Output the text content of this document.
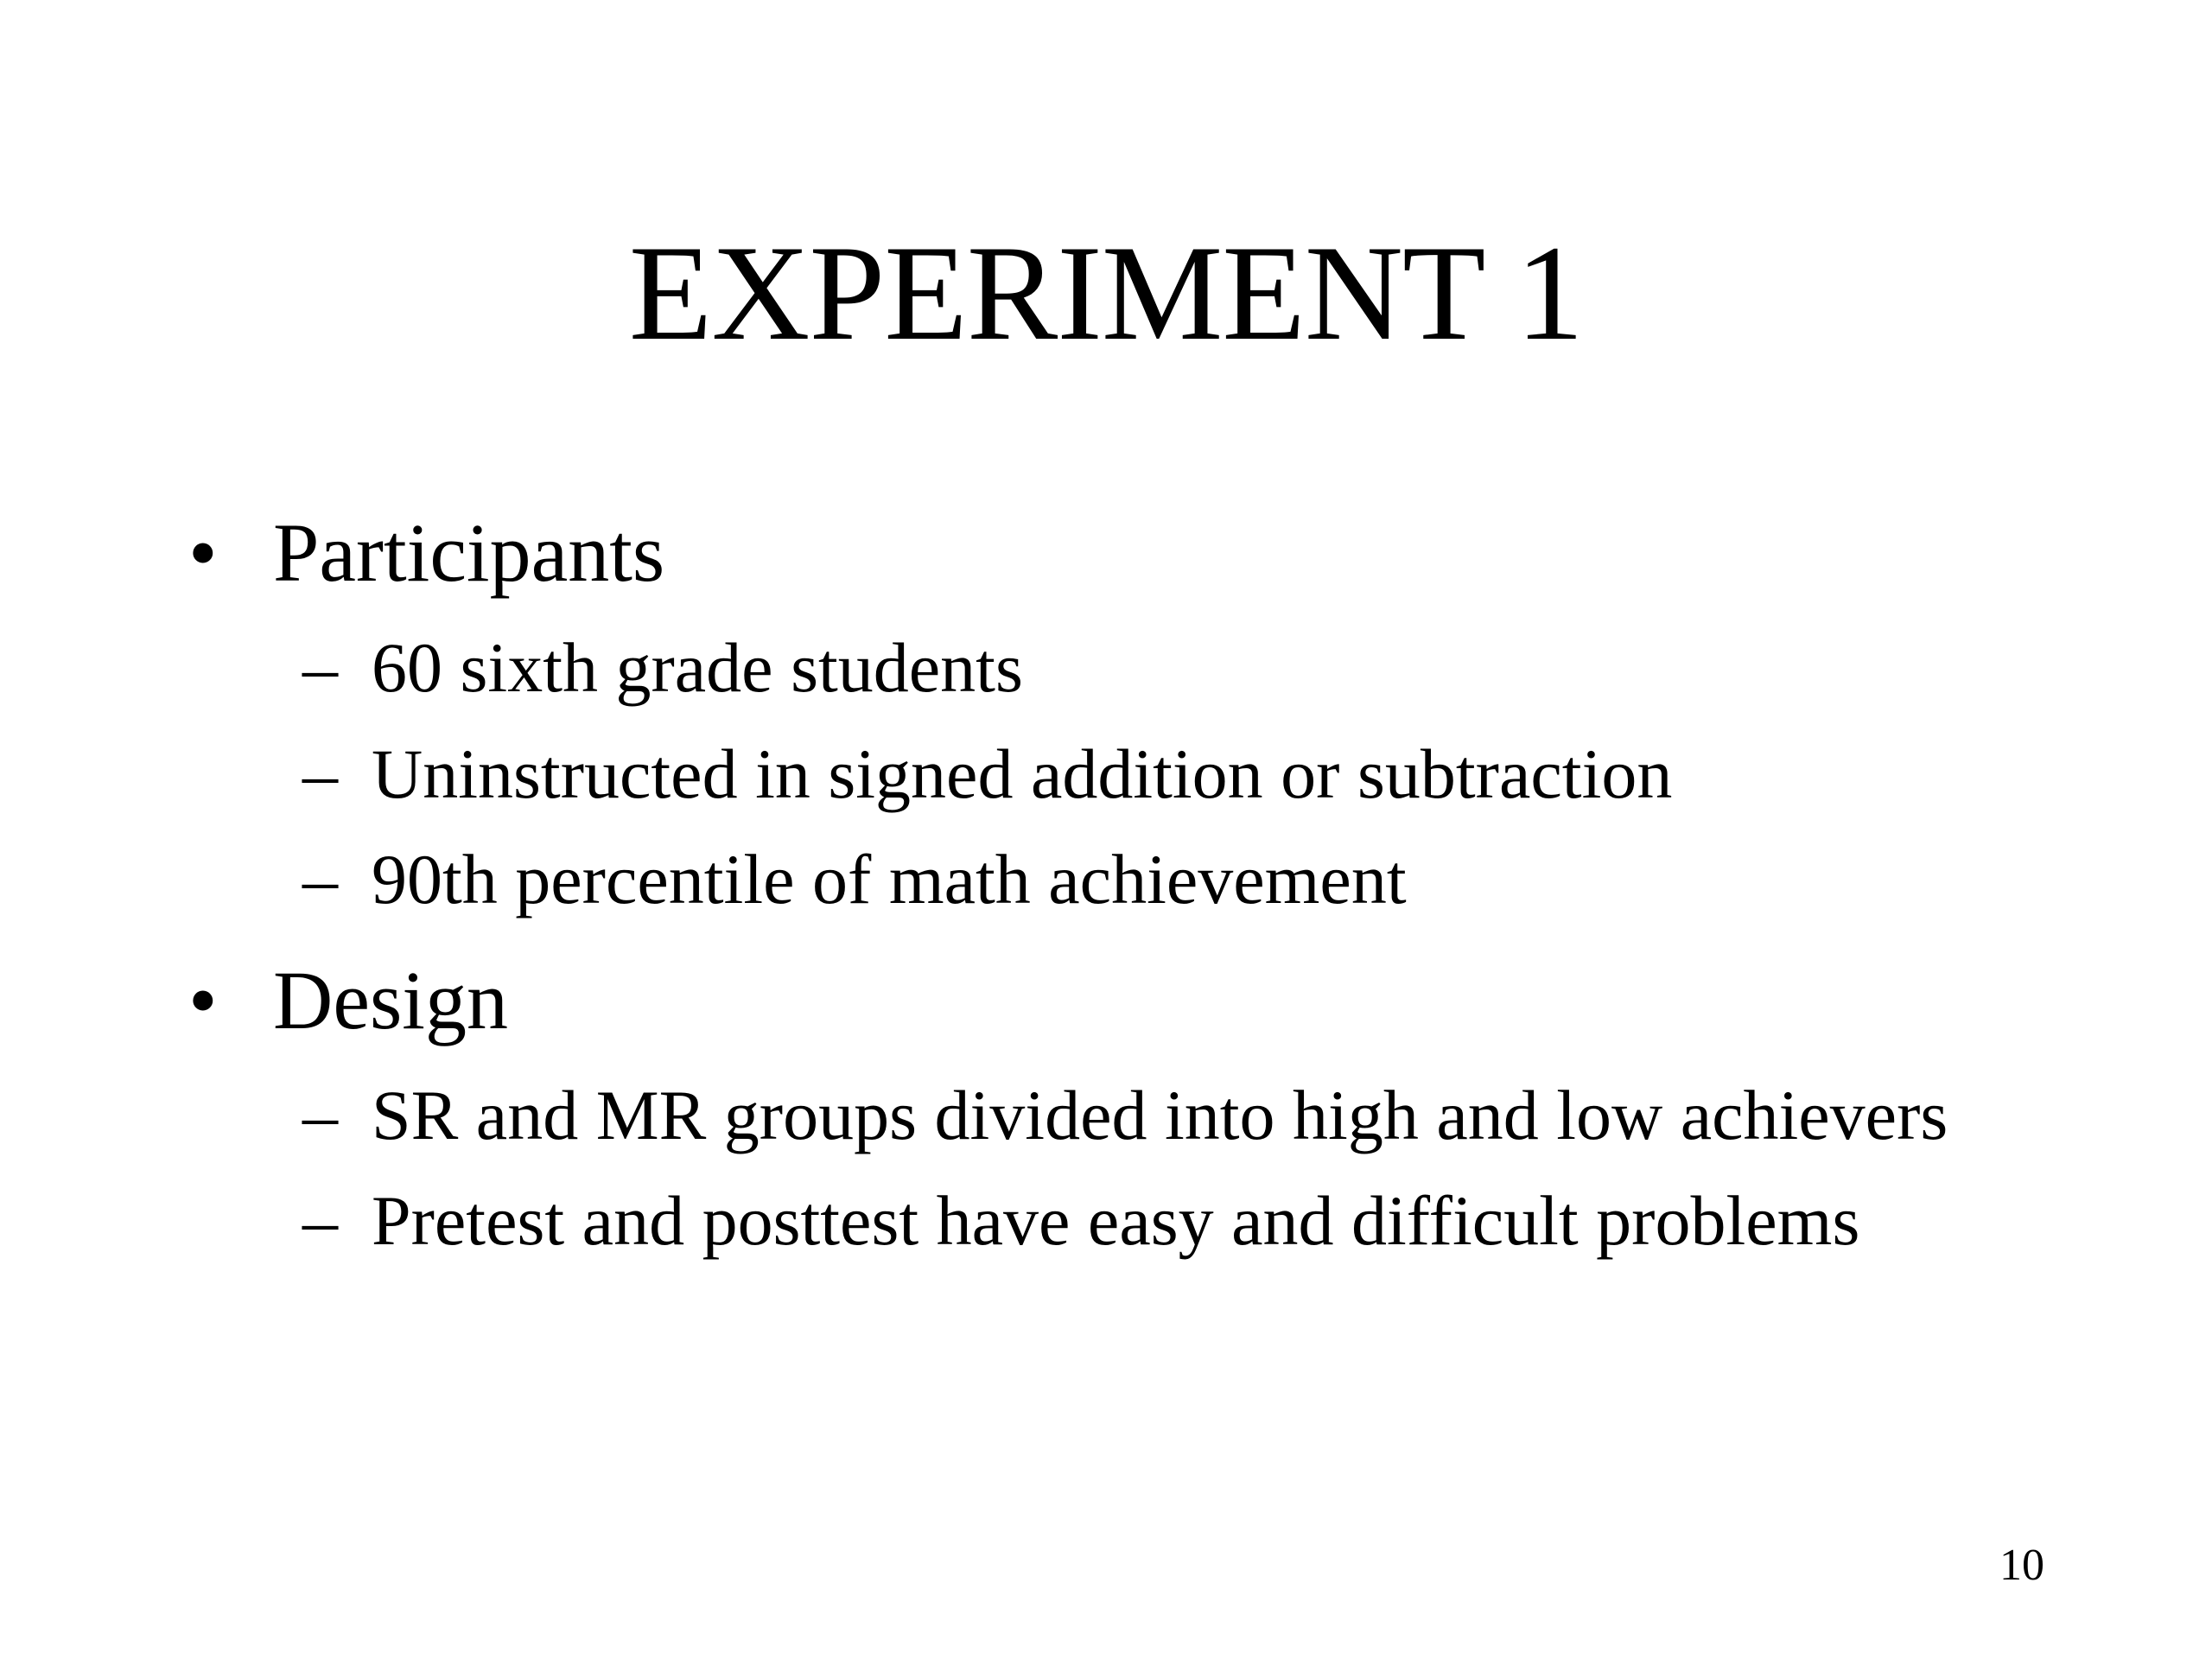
EXPERIMENT 1
• Participants
– 60 sixth grade students
– Uninstructed in signed addition or subtraction
– 90th percentile of math achievement
• Design
– SR and MR groups divided into high and low achievers
– Pretest and posttest have easy and difficult problems
10
